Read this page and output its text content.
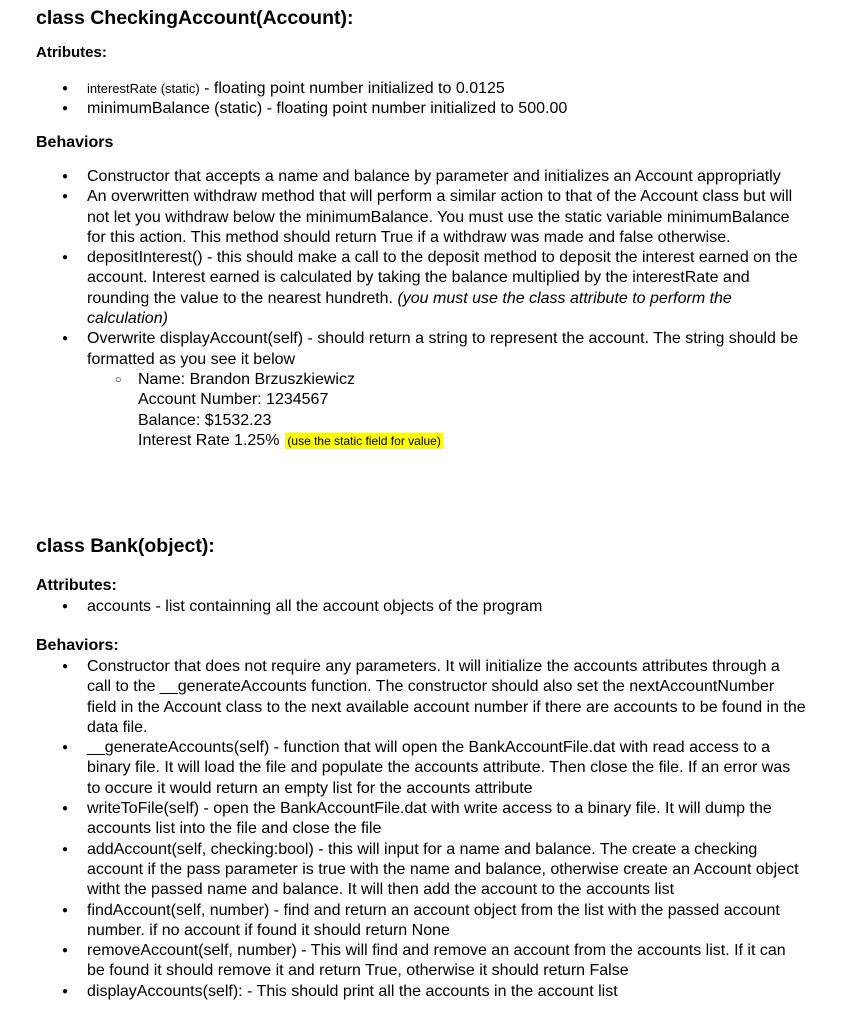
class CheckingAccount(Account):
Atributes:
● interestRate (static) - floating point number initialized to 0.0125
● minimumBalance (static) - floating point number initialized to 500.00
Behaviors
● Constructor that accepts a name and balance by parameter and initializes an Account appropriatly
● An overwritten withdraw method that will perform a similar action to that of the Account class but will not let you withdraw below the minimumBalance. You must use the static variable minimumBalance for this action. This method should return True if a withdraw was made and false otherwise.
● depositInterest() - this should make a call to the deposit method to deposit the interest earned on the account. Interest earned is calculated by taking the balance multiplied by the interestRate and rounding the value to the nearest hundreth. (you must use the class attribute to perform the calculation)
● Overwrite displayAccount(self) - should return a string to represent the account. The string should be formatted as you see it below
○ Name: Brandon Brzuszkiewicz
Account Number: 1234567
Balance: $1532.23
Interest Rate 1.25% (use the static field for value)
class Bank(object):
Attributes:
● accounts - list containning all the account objects of the program
Behaviors:
● Constructor that does not require any parameters. It will initialize the accounts attributes through a call to the __generateAccounts function. The constructor should also set the nextAccountNumber field in the Account class to the next available account number if there are accounts to be found in the data file.
● __generateAccounts(self) - function that will open the BankAccountFile.dat with read access to a binary file. It will load the file and populate the accounts attribute. Then close the file. If an error was to occure it would return an empty list for the accounts attribute
● writeToFile(self) - open the BankAccountFile.dat with write access to a binary file. It will dump the accounts list into the file and close the file
● addAccount(self, checking:bool) - this will input for a name and balance. The create a checking account if the pass parameter is true with the name and balance, otherwise create an Account object witht the passed name and balance. It will then add the account to the accounts list
● findAccount(self, number) - find and return an account object from the list with the passed account number. if no account if found it should return None
● removeAccount(self, number) - This will find and remove an account from the accounts list. If it can be found it should remove it and return True, otherwise it should return False
● displayAccounts(self): - This should print all the accounts in the account list
